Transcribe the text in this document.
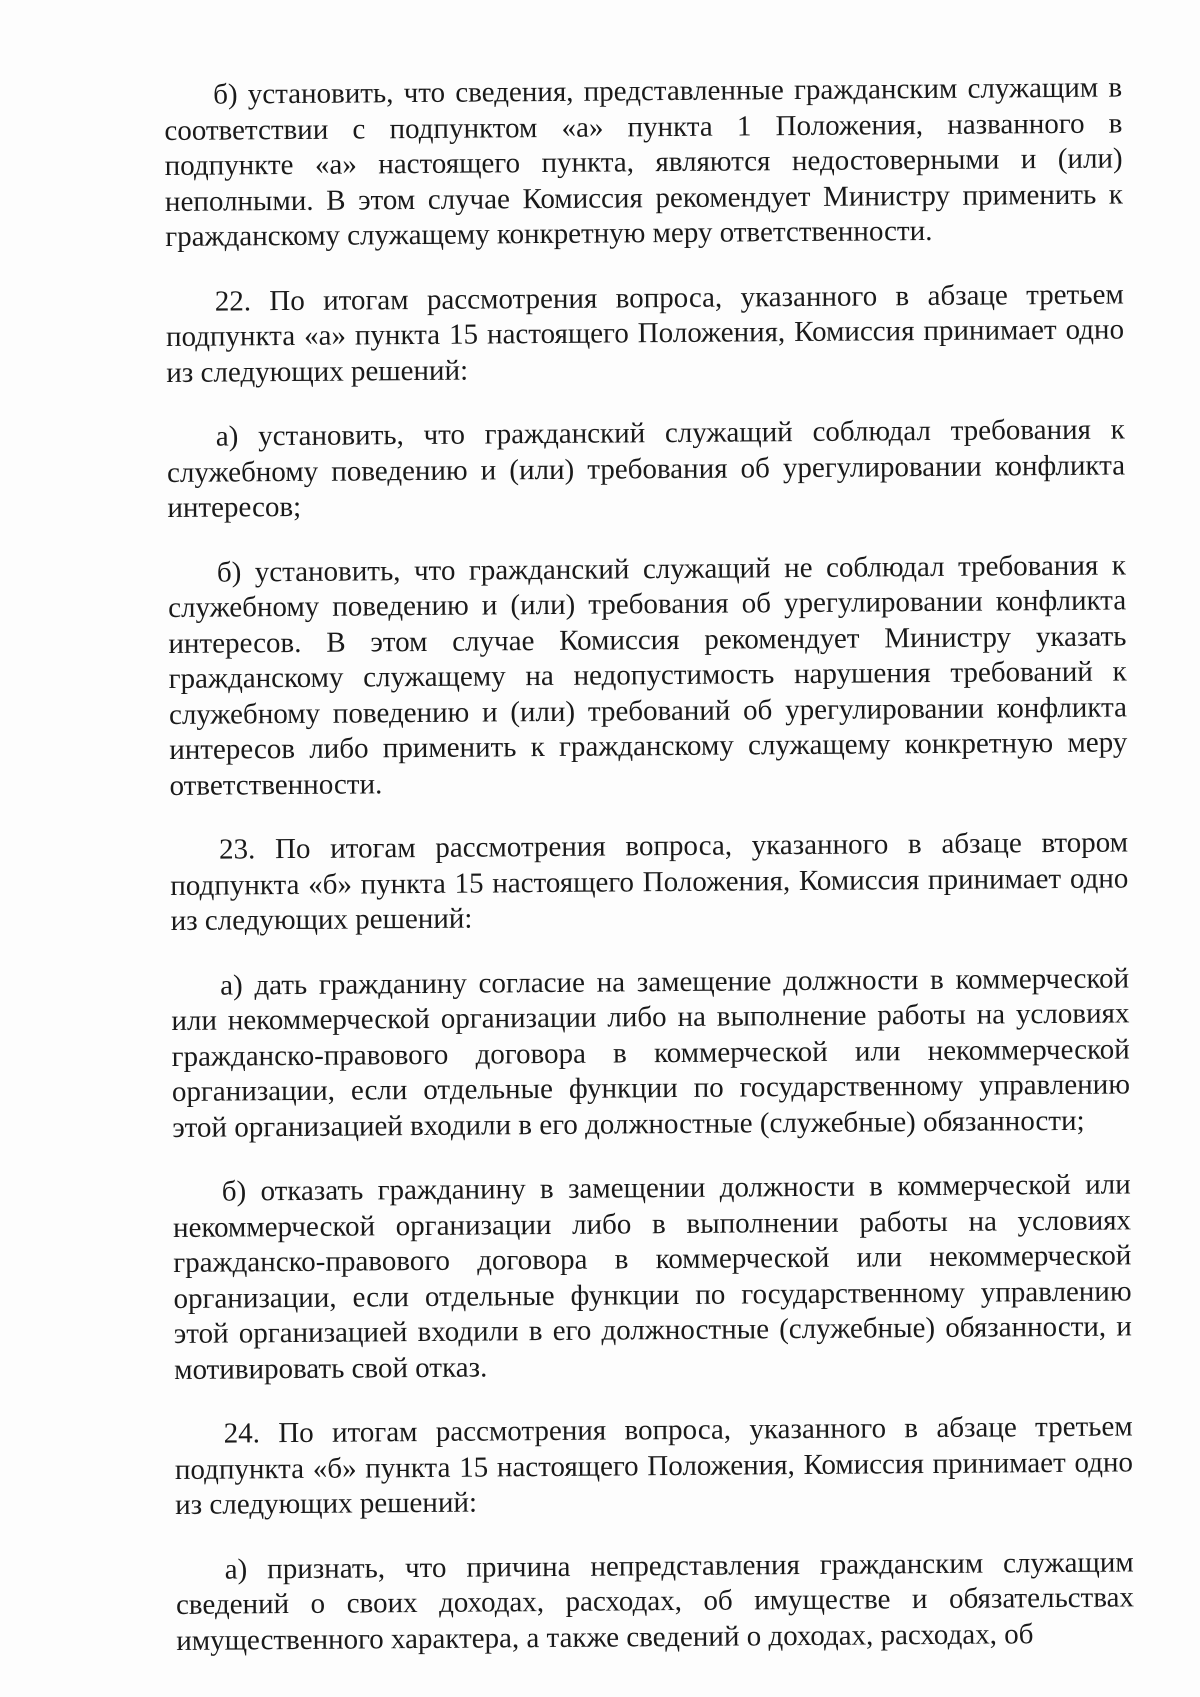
б) установить, что сведения, представленные гражданским служащим в соответствии с подпунктом «а» пункта 1 Положения, названного в подпункте «а» настоящего пункта, являются недостоверными и (или) неполными. В этом случае Комиссия рекомендует Министру применить к гражданскому служащему конкретную меру ответственности.

22. По итогам рассмотрения вопроса, указанного в абзаце третьем подпункта «а» пункта 15 настоящего Положения, Комиссия принимает одно из следующих решений:

а) установить, что гражданский служащий соблюдал требования к служебному поведению и (или) требования об урегулировании конфликта интересов;

б) установить, что гражданский служащий не соблюдал требования к служебному поведению и (или) требования об урегулировании конфликта интересов. В этом случае Комиссия рекомендует Министру указать гражданскому служащему на недопустимость нарушения требований к служебному поведению и (или) требований об урегулировании конфликта интересов либо применить к гражданскому служащему конкретную меру ответственности.

23. По итогам рассмотрения вопроса, указанного в абзаце втором подпункта «б» пункта 15 настоящего Положения, Комиссия принимает одно из следующих решений:

а) дать гражданину согласие на замещение должности в коммерческой или некоммерческой организации либо на выполнение работы на условиях гражданско-правового договора в коммерческой или некоммерческой организации, если отдельные функции по государственному управлению этой организацией входили в его должностные (служебные) обязанности;

б) отказать гражданину в замещении должности в коммерческой или некоммерческой организации либо в выполнении работы на условиях гражданско-правового договора в коммерческой или некоммерческой организации, если отдельные функции по государственному управлению этой организацией входили в его должностные (служебные) обязанности, и мотивировать свой отказ.

24. По итогам рассмотрения вопроса, указанного в абзаце третьем подпункта «б» пункта 15 настоящего Положения, Комиссия принимает одно из следующих решений:

а) признать, что причина непредставления гражданским служащим сведений о своих доходах, расходах, об имуществе и обязательствах имущественного характера, а также сведений о доходах, расходах, об
